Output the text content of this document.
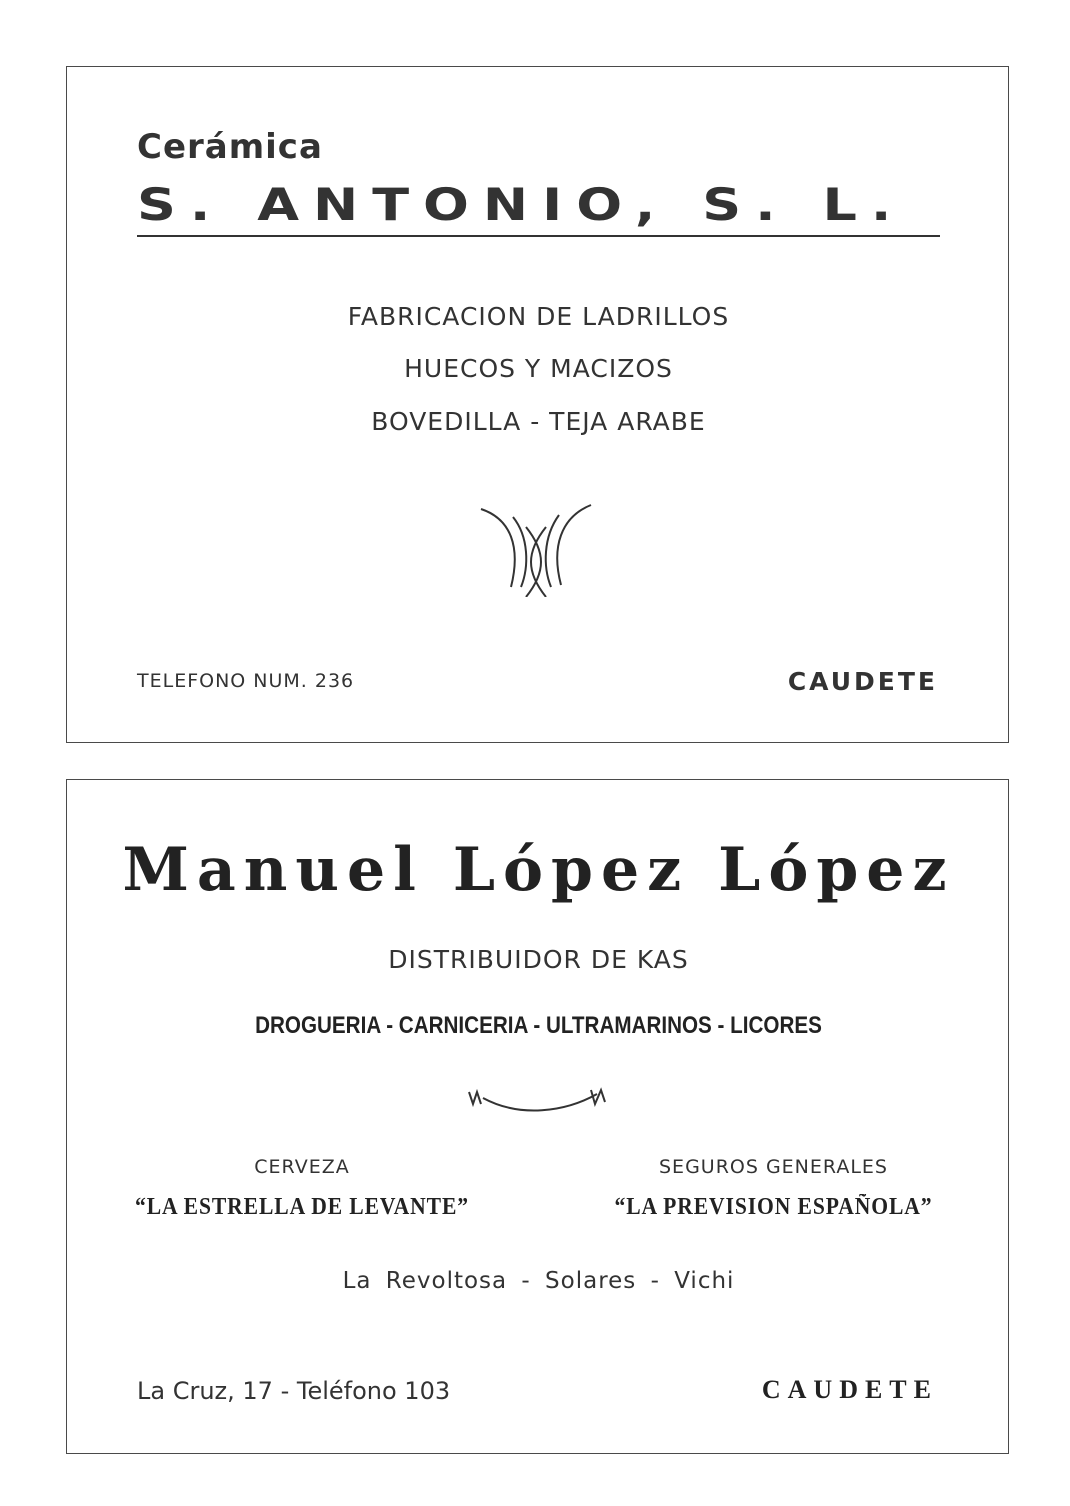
Cerámica
S. ANTONIO, S. L.
FABRICACION DE LADRILLOS
HUECOS Y MACIZOS
BOVEDILLA - TEJA ARABE
TELEFONO NUM. 236	CAUDETE
Manuel López López
DISTRIBUIDOR DE KAS
DROGUERIA - CARNICERIA - ULTRAMARINOS - LICORES
CERVEZA	SEGUROS GENERALES
“LA ESTRELLA DE LEVANTE”	“LA PREVISION ESPAÑOLA”
La Revoltosa - Solares - Vichi
La Cruz, 17 - Teléfono 103	CAUDETE
